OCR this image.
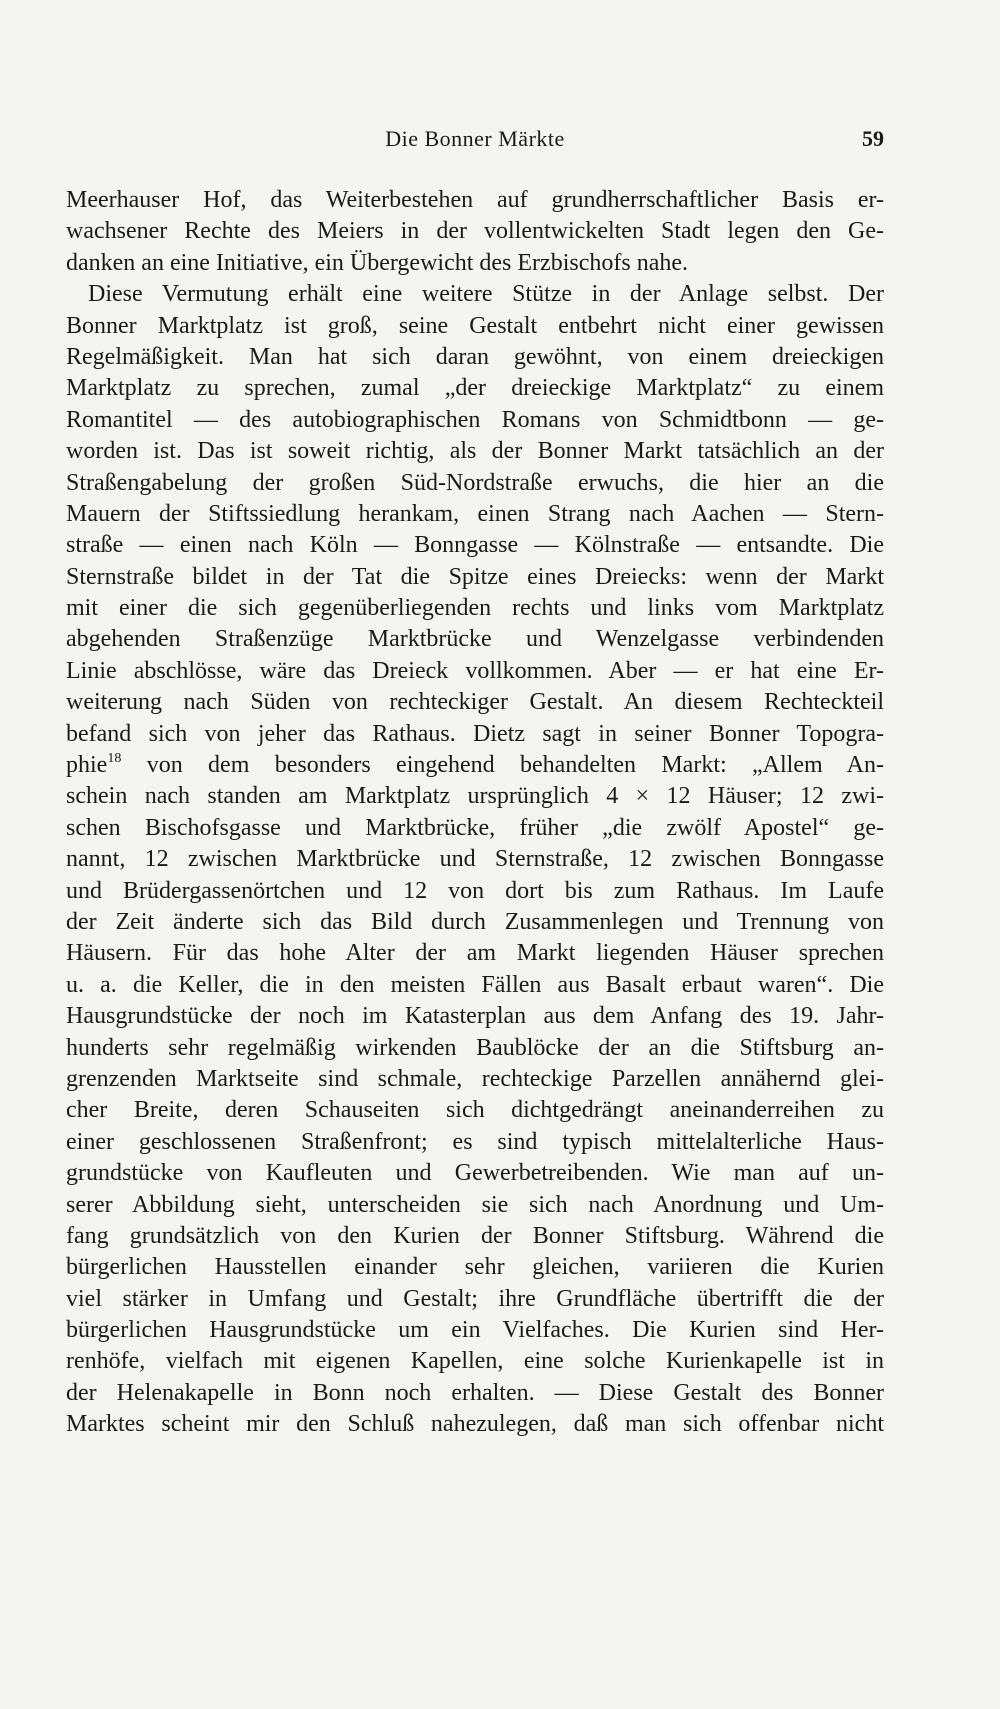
Die Bonner Märkte	59
Meerhauser Hof, das Weiterbestehen auf grundherrschaftlicher Basis er-
wachsener Rechte des Meiers in der vollentwickelten Stadt legen den Ge-
danken an eine Initiative, ein Übergewicht des Erzbischofs nahe.
Diese Vermutung erhält eine weitere Stütze in der Anlage selbst. Der
Bonner Marktplatz ist groß, seine Gestalt entbehrt nicht einer gewissen
Regelmäßigkeit. Man hat sich daran gewöhnt, von einem dreieckigen
Marktplatz zu sprechen, zumal „der dreieckige Marktplatz“ zu einem
Romantitel — des autobiographischen Romans von Schmidtbonn — ge-
worden ist. Das ist soweit richtig, als der Bonner Markt tatsächlich an der
Straßengabelung der großen Süd-Nordstraße erwuchs, die hier an die
Mauern der Stiftssiedlung herankam, einen Strang nach Aachen — Stern-
straße — einen nach Köln — Bonngasse — Kölnstraße — entsandte. Die
Sternstraße bildet in der Tat die Spitze eines Dreiecks: wenn der Markt
mit einer die sich gegenüberliegenden rechts und links vom Marktplatz
abgehenden Straßenzüge Marktbrücke und Wenzelgasse verbindenden
Linie abschlösse, wäre das Dreieck vollkommen. Aber — er hat eine Er-
weiterung nach Süden von rechteckiger Gestalt. An diesem Rechteckteil
befand sich von jeher das Rathaus. Dietz sagt in seiner Bonner Topogra-
phie$^{18}$ von dem besonders eingehend behandelten Markt: „Allem An-
schein nach standen am Marktplatz ursprünglich 4 × 12 Häuser; 12 zwi-
schen Bischofsgasse und Marktbrücke, früher „die zwölf Apostel“ ge-
nannt, 12 zwischen Marktbrücke und Sternstraße, 12 zwischen Bonngasse
und Brüdergassenörtchen und 12 von dort bis zum Rathaus. Im Laufe
der Zeit änderte sich das Bild durch Zusammenlegen und Trennung von
Häusern. Für das hohe Alter der am Markt liegenden Häuser sprechen
u. a. die Keller, die in den meisten Fällen aus Basalt erbaut waren“. Die
Hausgrundstücke der noch im Katasterplan aus dem Anfang des 19. Jahr-
hunderts sehr regelmäßig wirkenden Baublöcke der an die Stiftsburg an-
grenzenden Marktseite sind schmale, rechteckige Parzellen annähernd glei-
cher Breite, deren Schauseiten sich dichtgedrängt aneinanderreihen zu
einer geschlossenen Straßenfront; es sind typisch mittelalterliche Haus-
grundstücke von Kaufleuten und Gewerbetreibenden. Wie man auf un-
serer Abbildung sieht, unterscheiden sie sich nach Anordnung und Um-
fang grundsätzlich von den Kurien der Bonner Stiftsburg. Während die
bürgerlichen Hausstellen einander sehr gleichen, variieren die Kurien
viel stärker in Umfang und Gestalt; ihre Grundfläche übertrifft die der
bürgerlichen Hausgrundstücke um ein Vielfaches. Die Kurien sind Her-
renhöfe, vielfach mit eigenen Kapellen, eine solche Kurienkapelle ist in
der Helenakapelle in Bonn noch erhalten. — Diese Gestalt des Bonner
Marktes scheint mir den Schluß nahezulegen, daß man sich offenbar nicht
